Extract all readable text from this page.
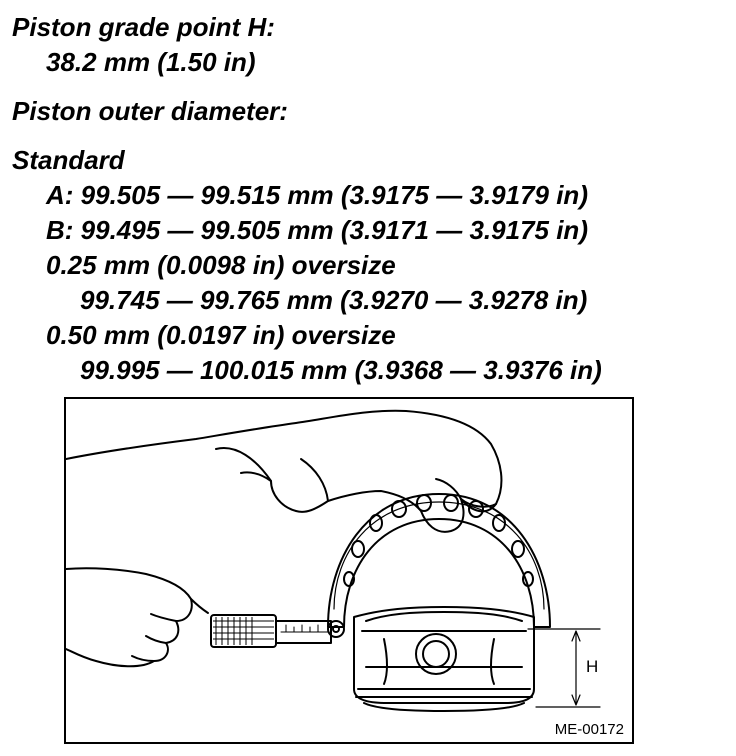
Piston grade point H:
38.2 mm (1.50 in)
Piston outer diameter:
Standard
A: 99.505 — 99.515 mm (3.9175 — 3.9179 in)
B: 99.495 — 99.505 mm (3.9171 — 3.9175 in)
0.25 mm (0.0098 in) oversize
99.745 — 99.765 mm (3.9270 — 3.9278 in)
0.50 mm (0.0197 in) oversize
99.995 — 100.015 mm (3.9368 — 3.9376 in)
H
ME-00172
